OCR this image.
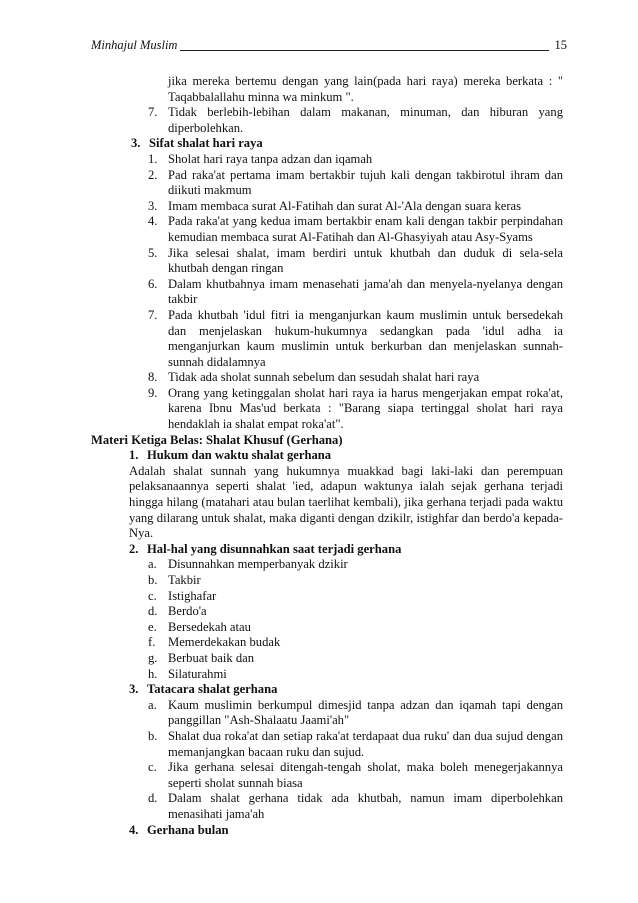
Minhajul Muslim	15
jika mereka bertemu dengan yang lain(pada hari raya) mereka berkata : " Taqabbalallahu minna wa minkum ".
7. Tidak berlebih-lebihan dalam makanan, minuman, dan hiburan yang diperbolehkan.
3. Sifat shalat hari raya
1. Sholat hari raya tanpa adzan dan iqamah
2. Pad raka'at pertama imam bertakbir tujuh kali dengan takbirotul ihram dan diikuti makmum
3. Imam membaca surat Al-Fatihah dan surat Al-'Ala dengan suara keras
4. Pada raka'at yang kedua imam bertakbir enam kali dengan takbir perpindahan kemudian membaca surat Al-Fatihah dan Al-Ghasyiyah atau Asy-Syams
5. Jika selesai shalat, imam berdiri untuk khutbah dan duduk di sela-sela khutbah dengan ringan
6. Dalam khutbahnya imam menasehati jama'ah dan menyela-nyelanya dengan takbir
7. Pada khutbah 'idul fitri ia menganjurkan kaum muslimin untuk bersedekah dan menjelaskan hukum-hukumnya sedangkan pada 'idul adha ia menganjurkan kaum muslimin untuk berkurban dan menjelaskan sunnah-sunnah didalamnya
8. Tidak ada sholat sunnah sebelum dan sesudah shalat hari raya
9. Orang yang ketinggalan sholat hari raya ia harus mengerjakan empat roka'at, karena Ibnu Mas'ud berkata : "Barang siapa tertinggal sholat hari raya hendaklah ia shalat empat roka'at".
Materi Ketiga Belas: Shalat Khusuf (Gerhana)
1. Hukum dan waktu shalat gerhana
Adalah shalat sunnah yang hukumnya muakkad bagi laki-laki dan perempuan pelaksanaannya seperti shalat 'ied, adapun waktunya ialah sejak gerhana terjadi hingga hilang (matahari atau bulan taerlihat kembali), jika gerhana terjadi pada waktu yang dilarang untuk shalat, maka diganti dengan dzikilr, istighfar dan berdo'a kepada-Nya.
2. Hal-hal yang disunnahkan saat terjadi gerhana
a. Disunnahkan memperbanyak dzikir
b. Takbir
c. Istighafar
d. Berdo'a
e. Bersedekah atau
f. Memerdekakan budak
g. Berbuat baik dan
h. Silaturahmi
3. Tatacara shalat gerhana
a. Kaum muslimin berkumpul dimesjid tanpa adzan dan iqamah tapi dengan panggillan "Ash-Shalaatu Jaami'ah"
b. Shalat dua roka'at dan setiap raka'at terdapaat dua ruku' dan dua sujud dengan memanjangkan bacaan ruku dan sujud.
c. Jika gerhana selesai ditengah-tengah sholat, maka boleh menegerjakannya seperti sholat sunnah biasa
d. Dalam shalat gerhana tidak ada khutbah, namun imam diperbolehkan menasihati jama'ah
4. Gerhana bulan
